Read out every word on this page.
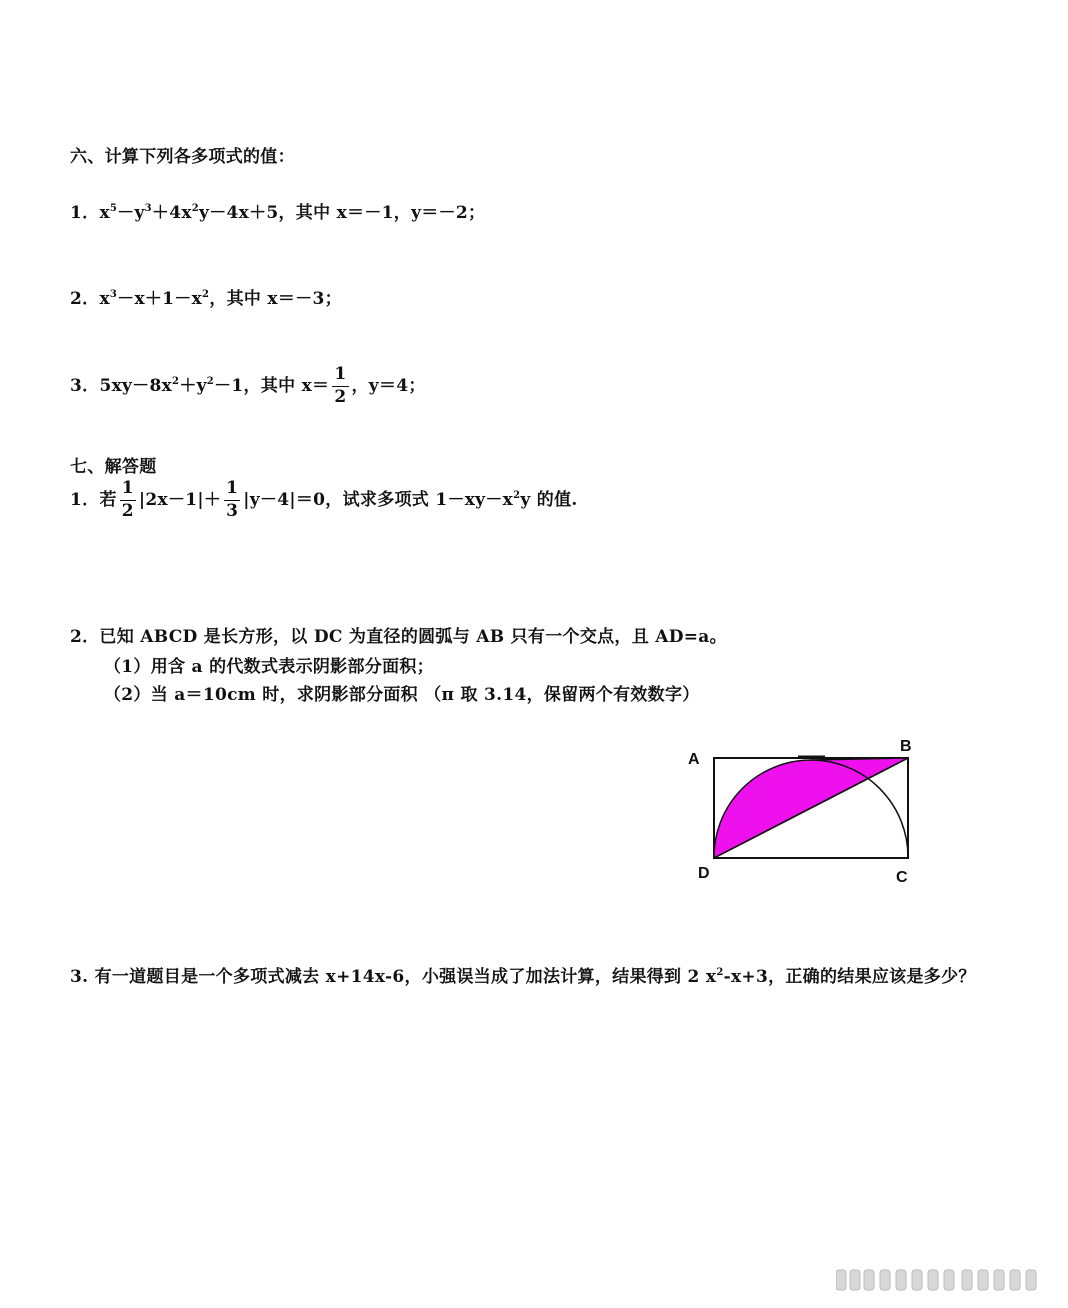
六、计算下列各多项式的值：
1．$x^5-y^3+4x^2y-4x+5$，其中 x＝－1，y＝－2；
2．$x^3-x+1-x^2$，其中 x＝－3；
3．$5xy-8x^2+y^2-1$，其中 $x= \frac{1}{2}$ ，y＝4；
七、解答题
1．若 $\frac{1}{2} |2x-1|+ \frac{1}{3} |y-4|=0$，试求多项式 $1-xy-x^2y$ 的值.
2．已知 ABCD 是长方形，以 DC 为直径的圆弧与 AB 只有一个交点，且 AD=a。
（1）用含 a 的代数式表示阴影部分面积；
（2）当 a＝10cm 时，求阴影部分面积 （π 取 3.14，保留两个有效数字）
A
B
C
D
3. 有一道题目是一个多项式减去 x+14x-6，小强误当成了加法计算，结果得到 2 $x^2-x+3$，正确的结果应该是多少？
